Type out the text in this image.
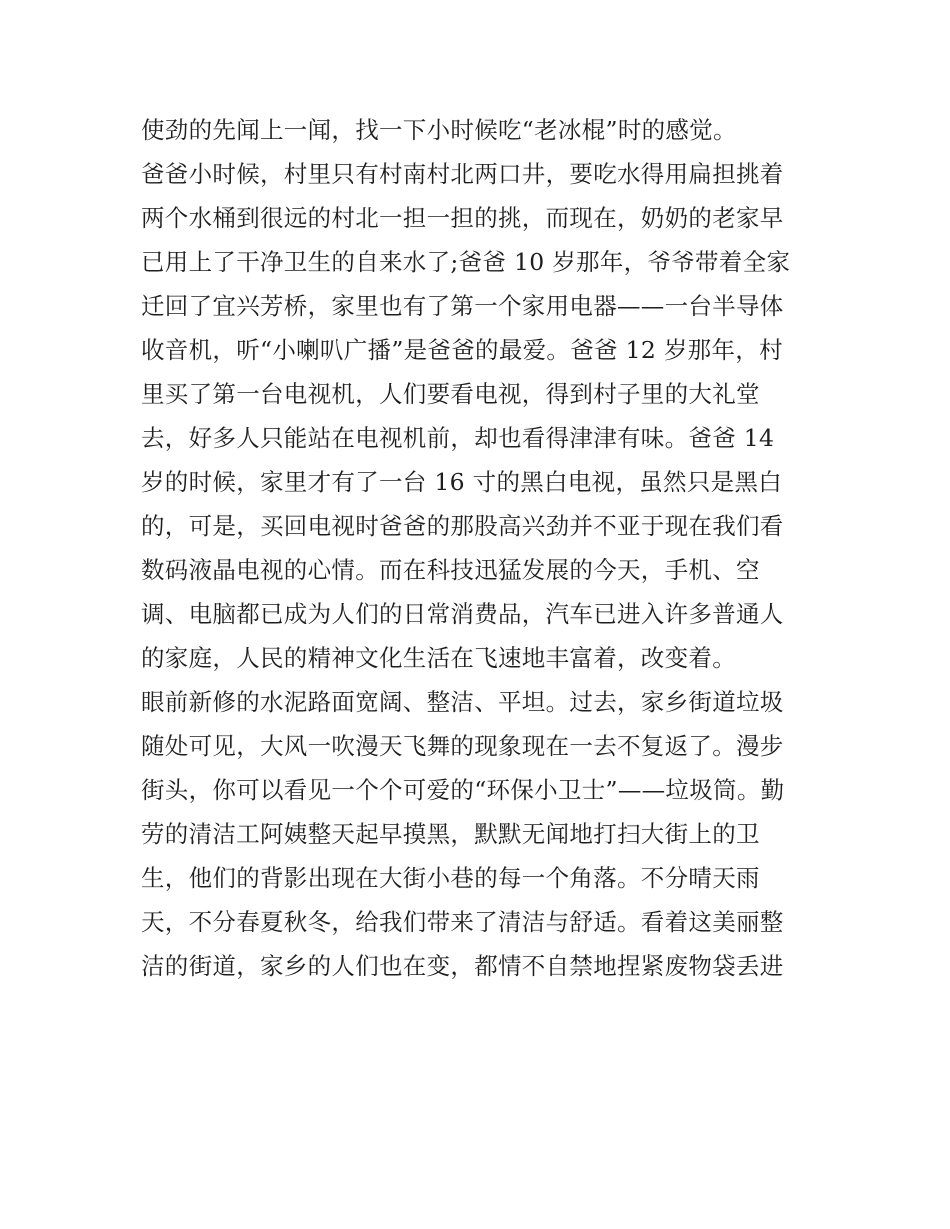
使劲的先闻上一闻，找一下小时候吃“老冰棍”时的感觉。
爸爸小时候，村里只有村南村北两口井，要吃水得用扁担挑着
两个水桶到很远的村北一担一担的挑，而现在，奶奶的老家早
已用上了干净卫生的自来水了;爸爸 10 岁那年，爷爷带着全家
迁回了宜兴芳桥，家里也有了第一个家用电器——一台半导体
收音机，听“小喇叭广播”是爸爸的最爱。爸爸 12 岁那年，村
里买了第一台电视机，人们要看电视，得到村子里的大礼堂
去，好多人只能站在电视机前，却也看得津津有味。爸爸 14
岁的时候，家里才有了一台 16 寸的黑白电视，虽然只是黑白
的，可是，买回电视时爸爸的那股高兴劲并不亚于现在我们看
数码液晶电视的心情。而在科技迅猛发展的今天，手机、空
调、电脑都已成为人们的日常消费品，汽车已进入许多普通人
的家庭，人民的精神文化生活在飞速地丰富着，改变着。
眼前新修的水泥路面宽阔、整洁、平坦。过去，家乡街道垃圾
随处可见，大风一吹漫天飞舞的现象现在一去不复返了。漫步
街头，你可以看见一个个可爱的“环保小卫士”——垃圾筒。勤
劳的清洁工阿姨整天起早摸黑，默默无闻地打扫大街上的卫
生，他们的背影出现在大街小巷的每一个角落。不分晴天雨
天，不分春夏秋冬，给我们带来了清洁与舒适。看着这美丽整
洁的街道，家乡的人们也在变，都情不自禁地捏紧废物袋丢进
